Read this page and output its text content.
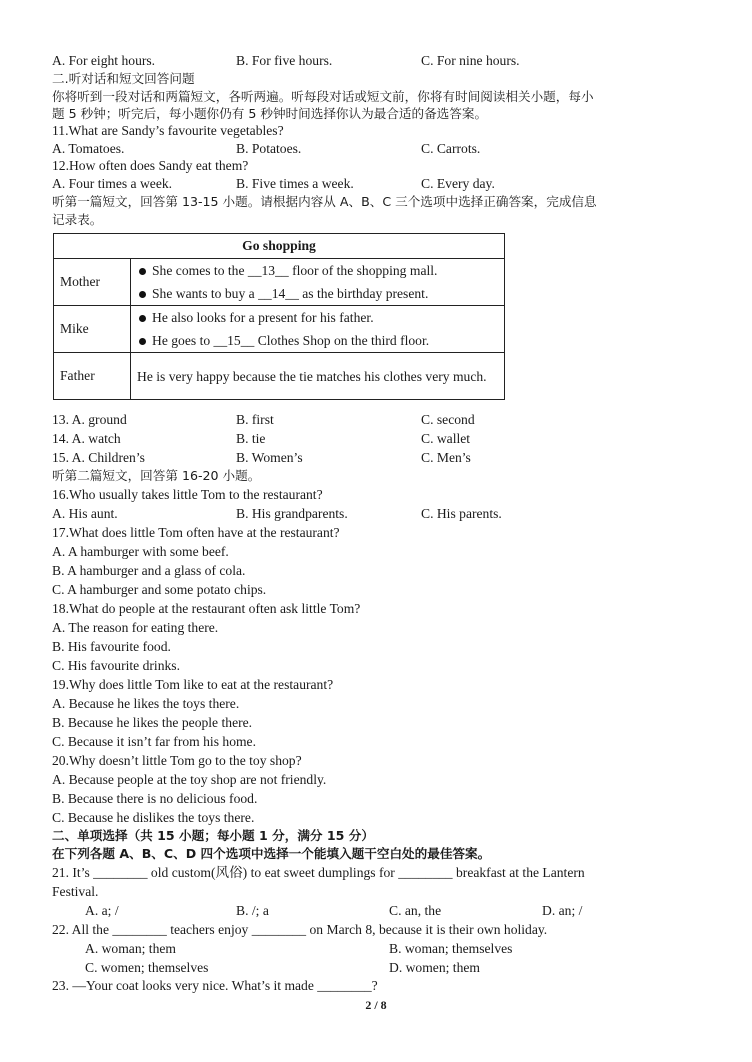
A. For eight hours.	B. For five hours.	C. For nine hours.
二.听对话和短文回答问题
你将听到一段对话和两篇短文，各听两遍。听每段对话或短文前，你将有时间阅读相关小题，每小
题 5 秒钟；听完后，每小题你仍有 5 秒钟时间选择你认为最合适的备选答案。
11.What are Sandy’s favourite vegetables?
A. Tomatoes.	B. Potatoes.	C. Carrots.
12.How often does Sandy eat them?
A. Four times a week.	B. Five times a week.	C. Every day.
听第一篇短文，回答第 13-15 小题。请根据内容从 A、B、C 三个选项中选择正确答案，完成信息
记录表。
Go shopping	
Mother	She comes to the __13__ floor of the shopping mall.
She wants to buy a __14__ as the birthday present.

Mike	He also looks for a present for his father.
He goes to __15__ Clothes Shop on the third floor.

Father	He is very happy because the tie matches his clothes very much.
13. A. ground	B. first	C. second
14. A. watch	B. tie	C. wallet
15. A. Children’s	B. Women’s	C. Men’s
听第二篇短文，回答第 16-20 小题。
16.Who usually takes little Tom to the restaurant?
A. His aunt.	B. His grandparents.	C. His parents.
17.What does little Tom often have at the restaurant?
A. A hamburger with some beef.
B. A hamburger and a glass of cola.
C. A hamburger and some potato chips.
18.What do people at the restaurant often ask little Tom?
A. The reason for eating there.
B. His favourite food.
C. His favourite drinks.
19.Why does little Tom like to eat at the restaurant?
A. Because he likes the toys there.
B. Because he likes the people there.
C. Because it isn’t far from his home.
20.Why doesn’t little Tom go to the toy shop?
A. Because people at the toy shop are not friendly.
B. Because there is no delicious food.
C. Because he dislikes the toys there.
二、单项选择（共 15 小题；每小题 1 分，满分 15 分）
在下列各题 A、B、C、D 四个选项中选择一个能填入题干空白处的最佳答案。
21. It’s ________ old custom(风俗) to eat sweet dumplings for ________ breakfast at the Lantern
Festival.
A. a; /	B. /; a	C. an, the	D. an; /
22. All the ________ teachers enjoy ________ on March 8, because it is their own holiday.
A. woman; them	B. woman; themselves
C. women; themselves	D. women; them
23. —Your coat looks very nice. What’s it made ________?
2 / 8
